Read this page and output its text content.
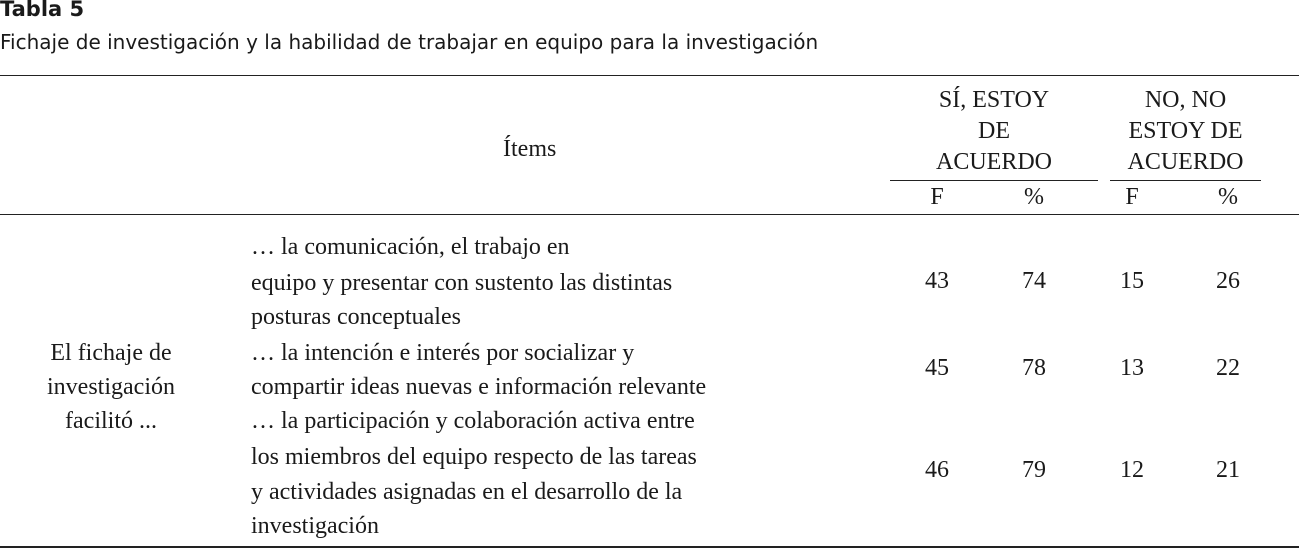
Tabla 5
Fichaje de investigación y la habilidad de trabajar en equipo para la investigación
Ítems
SÍ, ESTOY
DE
ACUERDO
NO, NO
ESTOY DE
ACUERDO
F	%	F	%
El fichaje de
investigación
facilitó ...
… la comunicación, el trabajo en
equipo y presentar con sustento las distintas
posturas conceptuales
43	74	15	26
… la intención e interés por socializar y
compartir ideas nuevas e información relevante
45	78	13	22
… la participación y colaboración activa entre
los miembros del equipo respecto de las tareas
y actividades asignadas en el desarrollo de la
investigación
46	79	12	21
